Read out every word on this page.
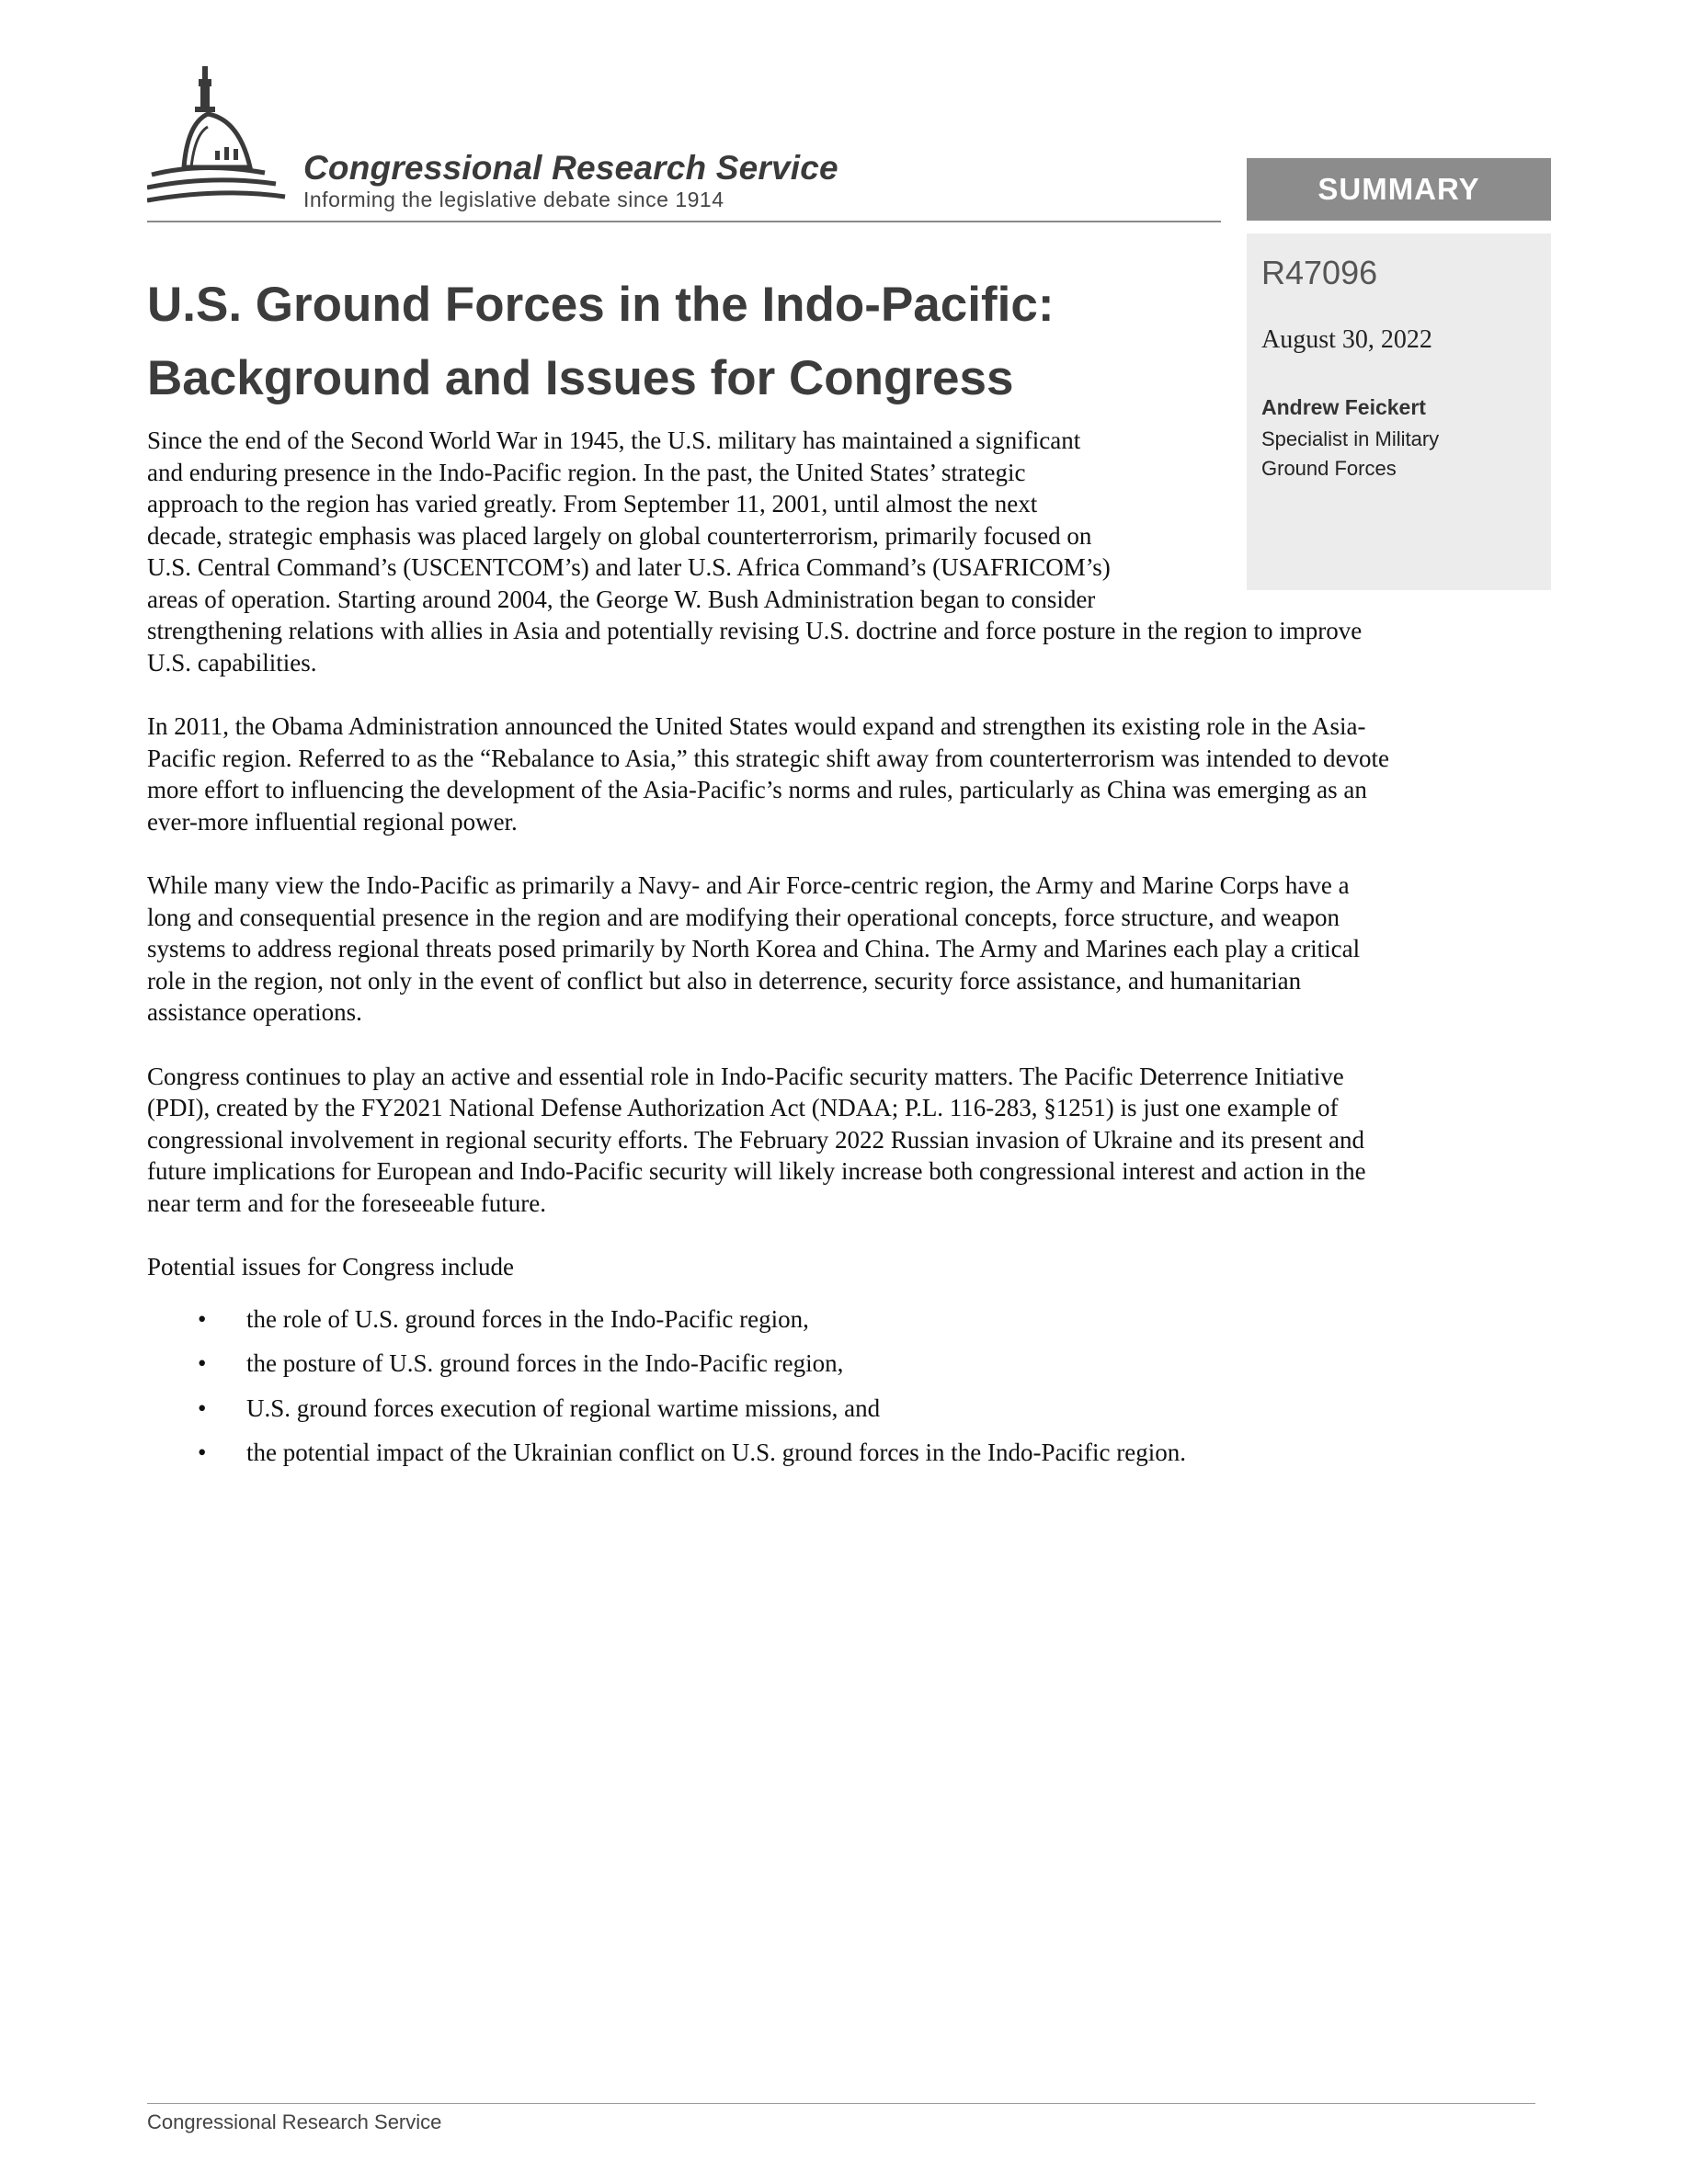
Congressional Research Service
Informing the legislative debate since 1914	SUMMARY
R47096
August 30, 2022
Andrew Feickert
Specialist in Military
Ground Forces
U.S. Ground Forces in the Indo-Pacific:
Background and Issues for Congress
Since the end of the Second World War in 1945, the U.S. military has maintained a significant
and enduring presence in the Indo-Pacific region. In the past, the United States’ strategic
approach to the region has varied greatly. From September 11, 2001, until almost the next
decade, strategic emphasis was placed largely on global counterterrorism, primarily focused on
U.S. Central Command’s (USCENTCOM’s) and later U.S. Africa Command’s (USAFRICOM’s)
areas of operation. Starting around 2004, the George W. Bush Administration began to consider
strengthening relations with allies in Asia and potentially revising U.S. doctrine and force posture in the region to improve
U.S. capabilities.
In 2011, the Obama Administration announced the United States would expand and strengthen its existing role in the Asia-
Pacific region. Referred to as the “Rebalance to Asia,” this strategic shift away from counterterrorism was intended to devote
more effort to influencing the development of the Asia-Pacific’s norms and rules, particularly as China was emerging as an
ever-more influential regional power.
While many view the Indo-Pacific as primarily a Navy- and Air Force-centric region, the Army and Marine Corps have a
long and consequential presence in the region and are modifying their operational concepts, force structure, and weapon
systems to address regional threats posed primarily by North Korea and China. The Army and Marines each play a critical
role in the region, not only in the event of conflict but also in deterrence, security force assistance, and humanitarian
assistance operations.
Congress continues to play an active and essential role in Indo-Pacific security matters. The Pacific Deterrence Initiative
(PDI), created by the FY2021 National Defense Authorization Act (NDAA; P.L. 116-283, §1251) is just one example of
congressional involvement in regional security efforts. The February 2022 Russian invasion of Ukraine and its present and
future implications for European and Indo-Pacific security will likely increase both congressional interest and action in the
near term and for the foreseeable future.
Potential issues for Congress include
• the role of U.S. ground forces in the Indo-Pacific region,
• the posture of U.S. ground forces in the Indo-Pacific region,
• U.S. ground forces execution of regional wartime missions, and
• the potential impact of the Ukrainian conflict on U.S. ground forces in the Indo-Pacific region.
Congressional Research Service
